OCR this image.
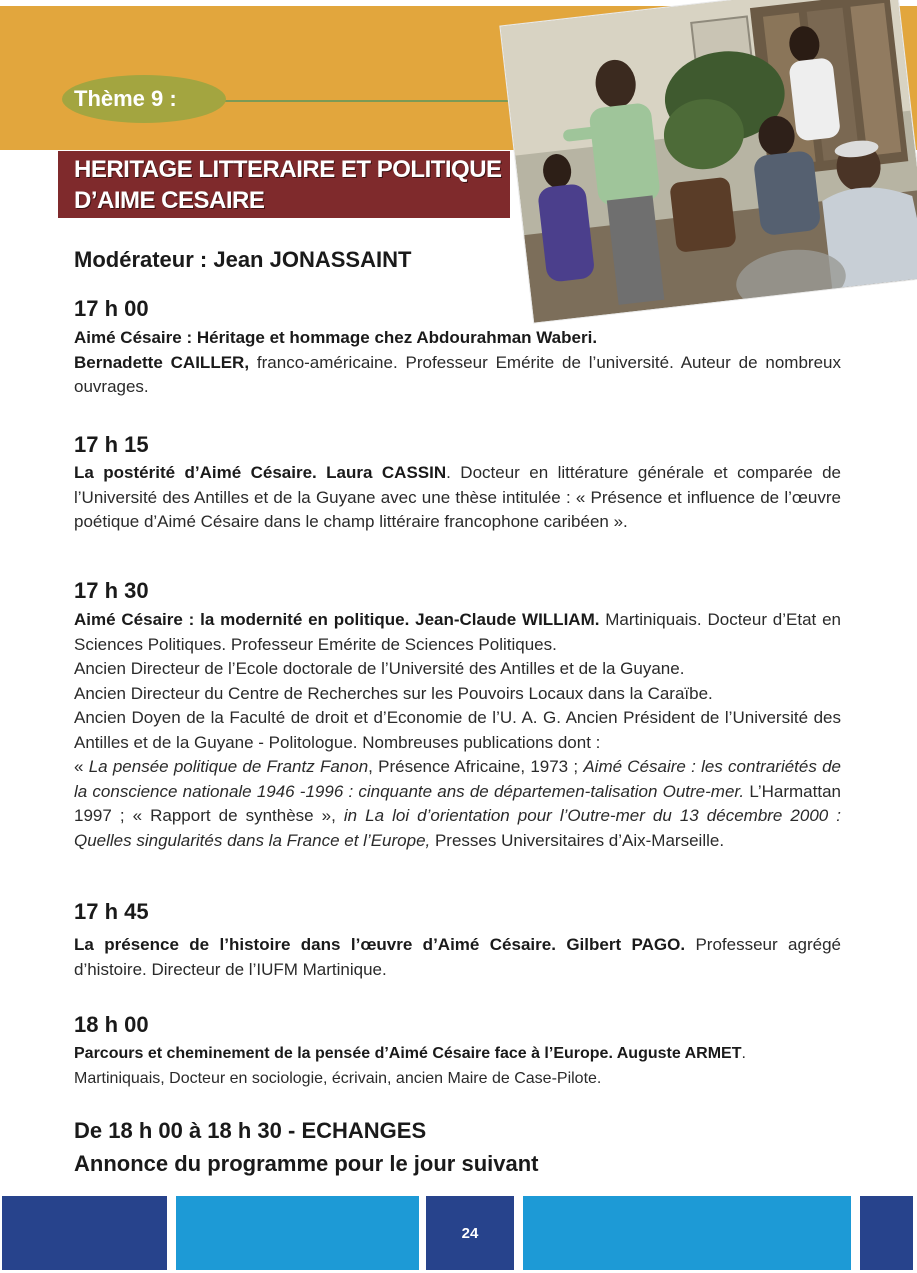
Thème 9 :
HERITAGE LITTERAIRE ET POLITIQUE
D’AIME CESAIRE
Modérateur : Jean JONASSAINT
17 h 00
Aimé Césaire : Héritage et hommage chez Abdourahman Waberi.
Bernadette CAILLER, franco-américaine. Professeur Emérite de l’université. Auteur de nombreux ouvrages.
17 h 15
La postérité d’Aimé Césaire. Laura CASSIN. Docteur en littérature générale et comparée de l’Université des Antilles et de la Guyane avec une thèse intitulée : « Présence et influence de l’œuvre poétique d’Aimé Césaire dans le champ littéraire francophone caribéen ».
17 h 30
Aimé Césaire : la modernité en politique. Jean-Claude WILLIAM. Martiniquais. Docteur d’Etat en Sciences Politiques. Professeur Emérite de Sciences Politiques.
Ancien Directeur de l’Ecole doctorale de l’Université des Antilles et de la Guyane.
Ancien Directeur du Centre de Recherches sur les Pouvoirs Locaux dans la Caraïbe.
Ancien Doyen de la Faculté de droit et d’Economie de l’U. A. G. Ancien Président de l’Université des Antilles et de la Guyane - Politologue. Nombreuses publications dont :
« La pensée politique de Frantz Fanon, Présence Africaine, 1973 ; Aimé Césaire : les contrariétés de la conscience nationale 1946 -1996 : cinquante ans de départemen-talisation Outre-mer. L’Harmattan 1997 ; « Rapport de synthèse », in La loi d’orientation pour l’Outre-mer du 13 décembre 2000 : Quelles singularités dans la France et l’Europe, Presses Universitaires d’Aix-Marseille.
17 h 45
La présence de l’histoire dans l’œuvre d’Aimé Césaire. Gilbert PAGO. Professeur agrégé d’histoire. Directeur de l’IUFM Martinique.
18 h 00
Parcours et cheminement de la pensée d’Aimé Césaire face à l’Europe. Auguste ARMET.
Martiniquais, Docteur en sociologie, écrivain, ancien Maire de Case-Pilote.
De 18 h 00 à 18 h 30 - ECHANGES
Annonce du programme pour le jour suivant
24
